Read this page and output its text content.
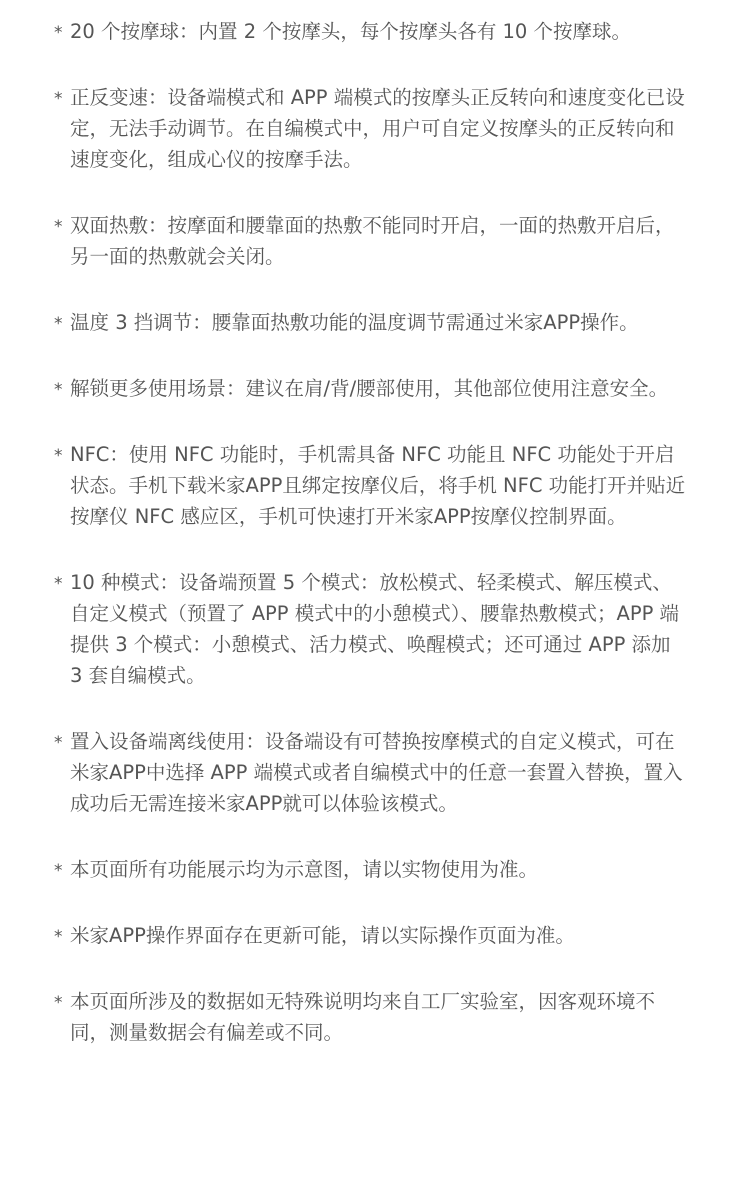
* 20 个按摩球：内置 2 个按摩头，每个按摩头各有 10 个按摩球。
* 正反变速：设备端模式和 APP 端模式的按摩头正反转向和速度变化已设定，无法手动调节。在自编模式中，用户可自定义按摩头的正反转向和速度变化，组成心仪的按摩手法。
* 双面热敷：按摩面和腰靠面的热敷不能同时开启，一面的热敷开启后，另一面的热敷就会关闭。
* 温度 3 挡调节：腰靠面热敷功能的温度调节需通过米家APP操作。
* 解锁更多使用场景：建议在肩/背/腰部使用，其他部位使用注意安全。
* NFC：使用 NFC 功能时，手机需具备 NFC 功能且 NFC 功能处于开启状态。手机下载米家APP且绑定按摩仪后，将手机 NFC 功能打开并贴近按摩仪 NFC 感应区，手机可快速打开米家APP按摩仪控制界面。
* 10 种模式：设备端预置 5 个模式：放松模式、轻柔模式、解压模式、自定义模式（预置了 APP 模式中的小憩模式）、腰靠热敷模式；APP 端提供 3 个模式：小憩模式、活力模式、唤醒模式；还可通过 APP 添加 3 套自编模式。
* 置入设备端离线使用：设备端设有可替换按摩模式的自定义模式，可在米家APP中选择 APP 端模式或者自编模式中的任意一套置入替换，置入成功后无需连接米家APP就可以体验该模式。
* 本页面所有功能展示均为示意图，请以实物使用为准。
* 米家APP操作界面存在更新可能，请以实际操作页面为准。
* 本页面所涉及的数据如无特殊说明均来自工厂实验室，因客观环境不同，测量数据会有偏差或不同。
